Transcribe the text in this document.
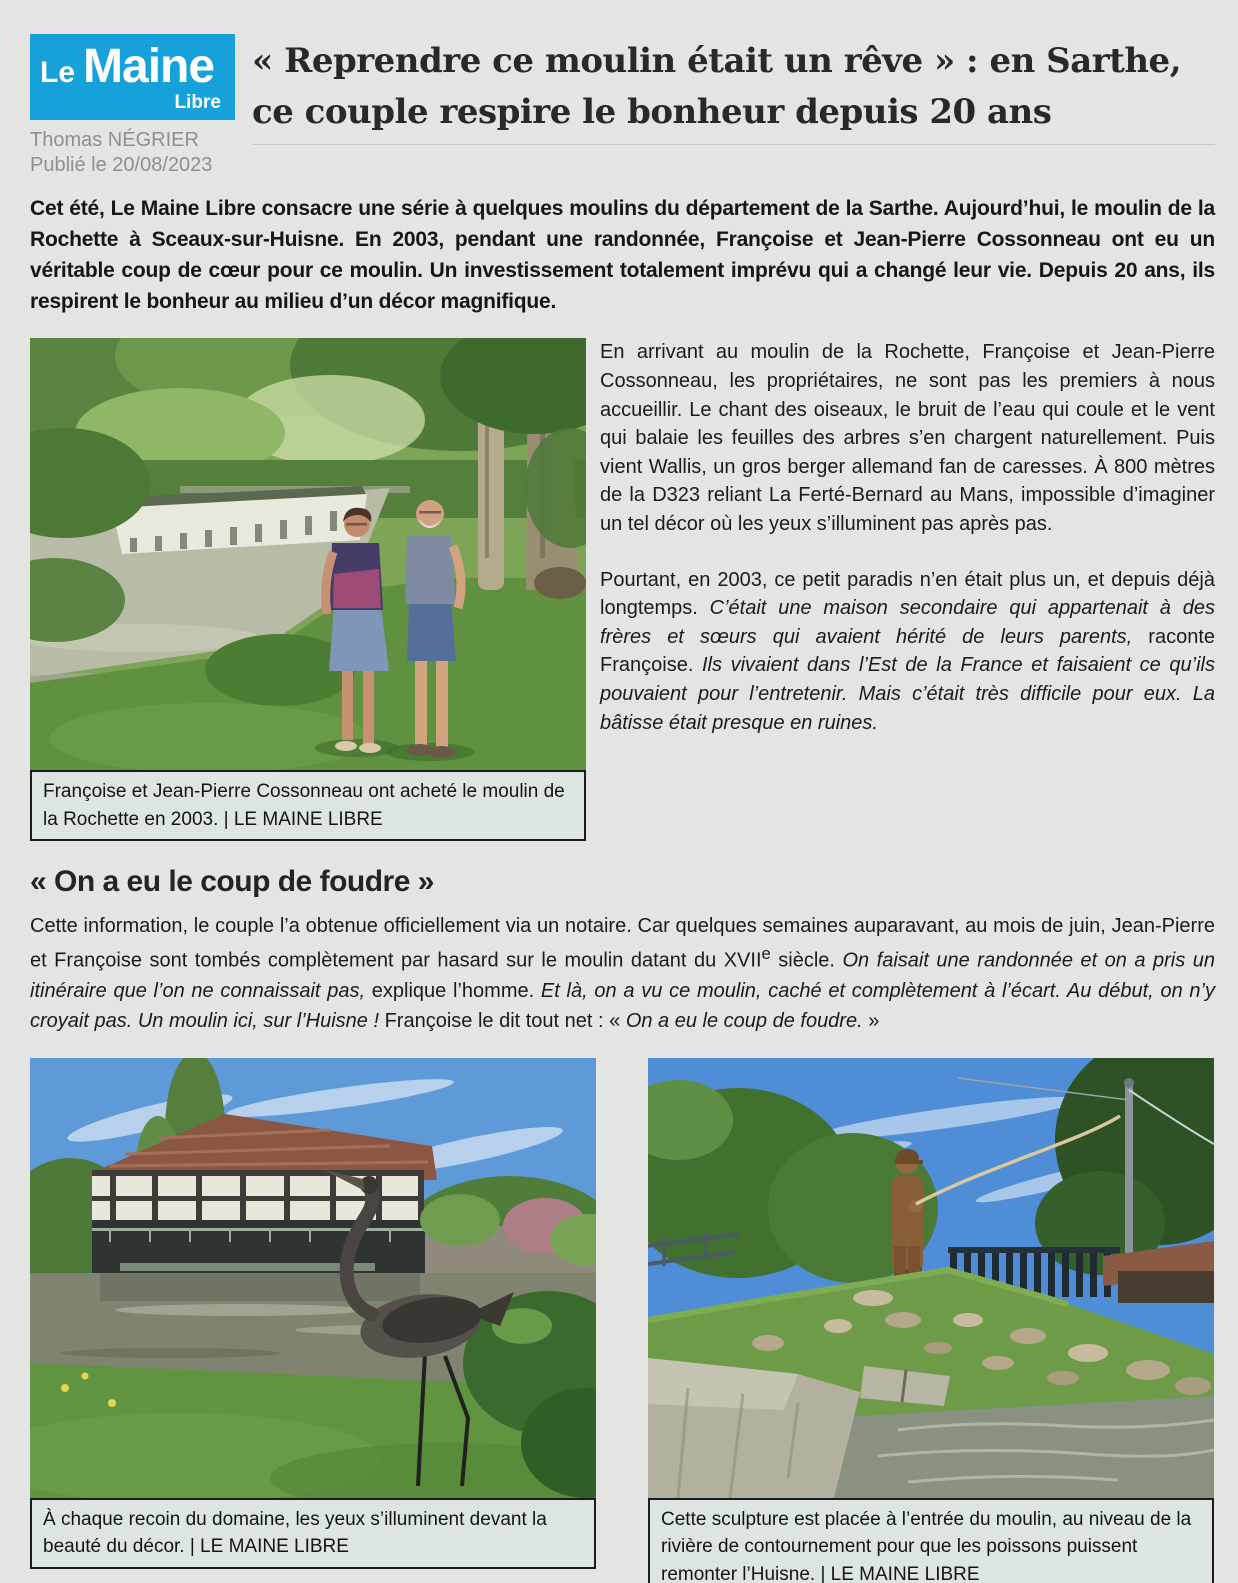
Le Maine
Libre
Thomas NÉGRIER
Publié le 20/08/2023
« Reprendre ce moulin était un rêve » : en Sarthe,
ce couple respire le bonheur depuis 20 ans

Cet été, Le Maine Libre consacre une série à quelques moulins du département de la Sarthe. Aujourd’hui, le moulin de la Rochette à Sceaux-sur-Huisne. En 2003, pendant une randonnée, Françoise et Jean-Pierre Cossonneau ont eu un véritable coup de cœur pour ce moulin. Un investissement totalement imprévu qui a changé leur vie. Depuis 20 ans, ils respirent le bonheur au milieu d’un décor magnifique.

Françoise et Jean-Pierre Cossonneau ont acheté le moulin de la Rochette en 2003. | LE MAINE LIBRE

En arrivant au moulin de la Rochette, Françoise et Jean-Pierre Cossonneau, les propriétaires, ne sont pas les premiers à nous accueillir. Le chant des oiseaux, le bruit de l’eau qui coule et le vent qui balaie les feuilles des arbres s’en chargent naturellement. Puis vient Wallis, un gros berger allemand fan de caresses. À 800 mètres de la D323 reliant La Ferté-Bernard au Mans, impossible d’imaginer un tel décor où les yeux s’illuminent pas après pas.

Pourtant, en 2003, ce petit paradis n’en était plus un, et depuis déjà longtemps. C’était une maison secondaire qui appartenait à des frères et sœurs qui avaient hérité de leurs parents, raconte Françoise. Ils vivaient dans l’Est de la France et faisaient ce qu’ils pouvaient pour l’entretenir. Mais c’était très difficile pour eux. La bâtisse était presque en ruines.

« On a eu le coup de foudre »

Cette information, le couple l’a obtenue officiellement via un notaire. Car quelques semaines auparavant, au mois de juin, Jean-Pierre et Françoise sont tombés complètement par hasard sur le moulin datant du XVIIe siècle. On faisait une randonnée et on a pris un itinéraire que l’on ne connaissait pas, explique l’homme. Et là, on a vu ce moulin, caché et complètement à l’écart. Au début, on n’y croyait pas. Un moulin ici, sur l’Huisne ! Françoise le dit tout net : « On a eu le coup de foudre. »

À chaque recoin du domaine, les yeux s’illuminent devant la beauté du décor. | LE MAINE LIBRE
Cette sculpture est placée à l’entrée du moulin, au niveau de la rivière de contournement pour que les poissons puissent remonter l’Huisne. | LE MAINE LIBRE
